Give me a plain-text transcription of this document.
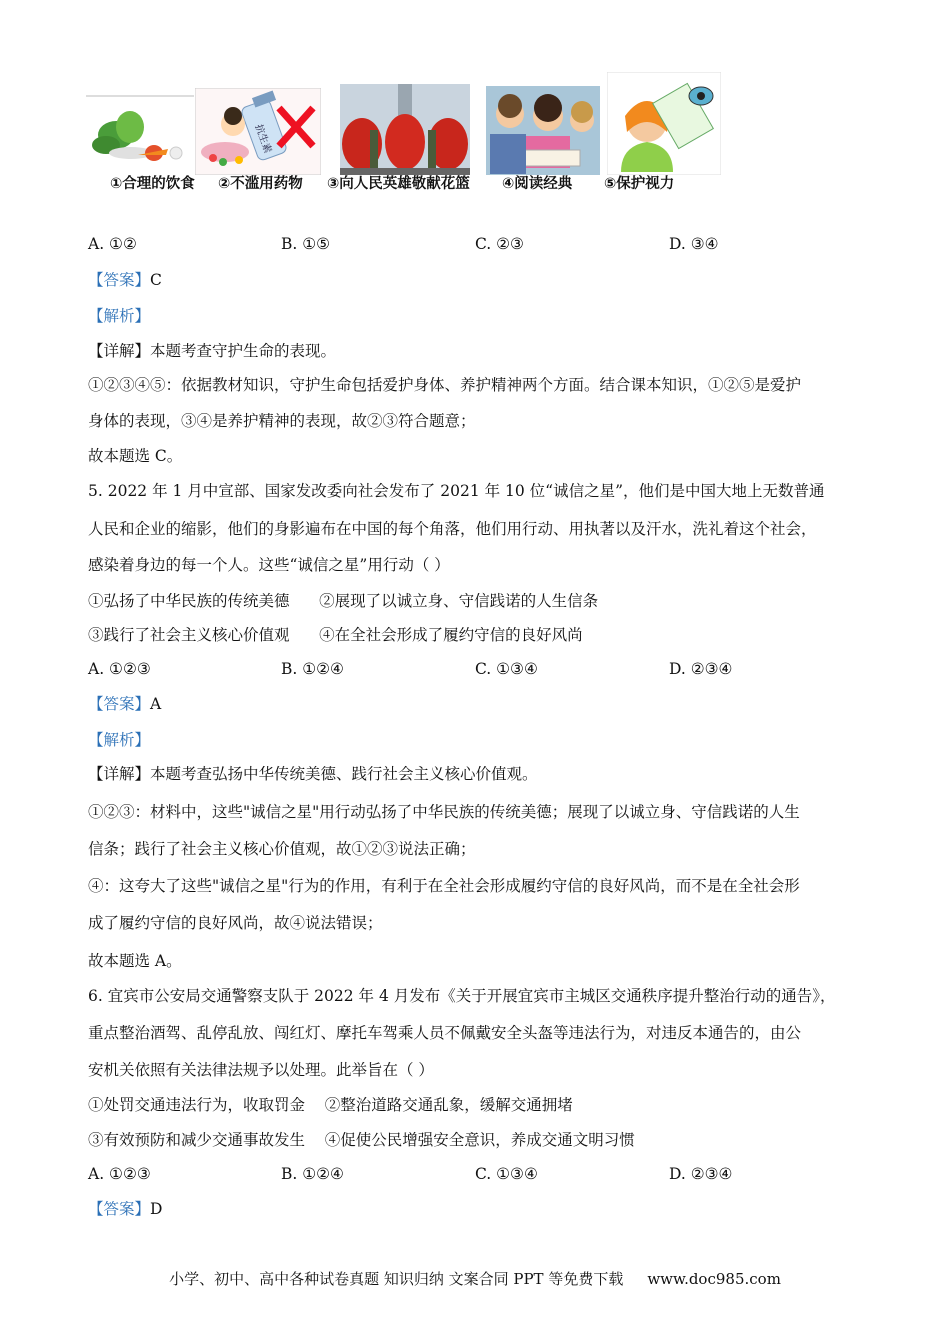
抗生素
①合理的饮食 ②不滥用药物 ③向人民英雄敬献花篮 ④阅读经典 ⑤保护视力
A. ①②	B. ①⑤	C. ②③	D. ③④
【答案】C
【解析】
【详解】本题考查守护生命的表现。
①②③④⑤：依据教材知识，守护生命包括爱护身体、养护精神两个方面。结合课本知识，①②⑤是爱护
身体的表现，③④是养护精神的表现，故②③符合题意；
故本题选 C。
5. 2022 年 1 月中宣部、国家发改委向社会发布了 2021 年 10 位“诚信之星”，他们是中国大地上无数普通
人民和企业的缩影，他们的身影遍布在中国的每个角落，他们用行动、用执著以及汗水，洗礼着这个社会，
感染着身边的每一个人。这些“诚信之星”用行动（ ）
①弘扬了中华民族的传统美德      ②展现了以诚立身、守信践诺的人生信条
③践行了社会主义核心价值观      ④在全社会形成了履约守信的良好风尚
A. ①②③	B. ①②④	C. ①③④	D. ②③④
【答案】A
【解析】
【详解】本题考查弘扬中华传统美德、践行社会主义核心价值观。
①②③：材料中，这些"诚信之星"用行动弘扬了中华民族的传统美德；展现了以诚立身、守信践诺的人生
信条；践行了社会主义核心价值观，故①②③说法正确；
④：这夸大了这些"诚信之星"行为的作用，有利于在全社会形成履约守信的良好风尚，而不是在全社会形
成了履约守信的良好风尚，故④说法错误；
故本题选 A。
6. 宜宾市公安局交通警察支队于 2022 年 4 月发布《关于开展宜宾市主城区交通秩序提升整治行动的通告》，
重点整治酒驾、乱停乱放、闯红灯、摩托车驾乘人员不佩戴安全头盔等违法行为，对违反本通告的，由公
安机关依照有关法律法规予以处理。此举旨在（ ）
①处罚交通违法行为，收取罚金    ②整治道路交通乱象，缓解交通拥堵
③有效预防和减少交通事故发生    ④促使公民增强安全意识，养成交通文明习惯
A. ①②③	B. ①②④	C. ①③④	D. ②③④
【答案】D
小学、初中、高中各种试卷真题 知识归纳 文案合同 PPT 等免费下载 www.doc985.com
